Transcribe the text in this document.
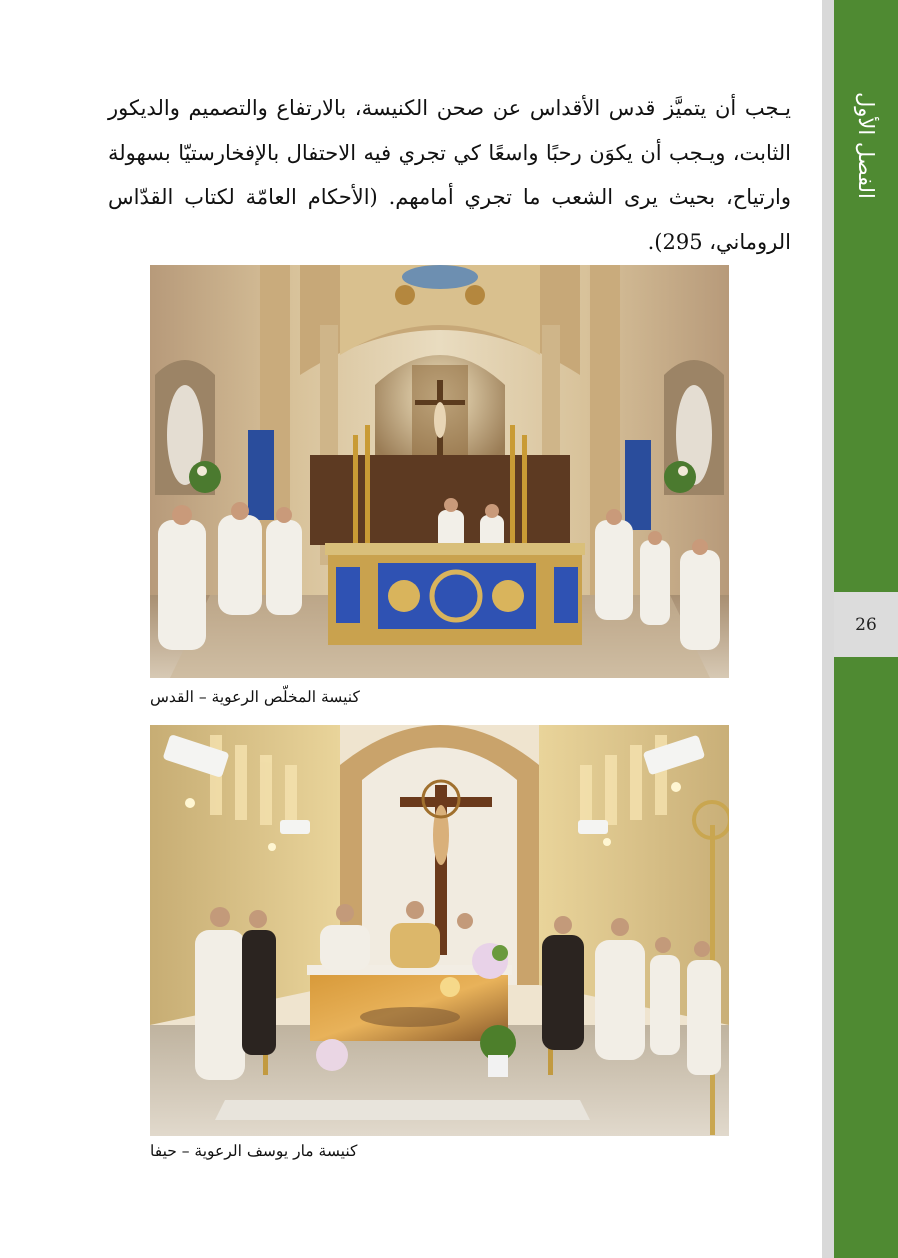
الفصل الأول
26
يـجب أن يتميَّز قدس الأقداس عن صحن الكنيسة، بالارتفاع والتصميم والديكور الثابت، ويـجب أن يكوَن رحبًا واسعًا كي تجري فيه الاحتفال بالإفخارستيّا بسهولة وارتياح، بحيث يرى الشعب ما تجري أمامهم. (الأحكام العامّة لكتاب القدّاس الروماني، 295).
كنيسة المخلّص الرعوية – القدس
كنيسة مار يوسف الرعوية – حيفا
